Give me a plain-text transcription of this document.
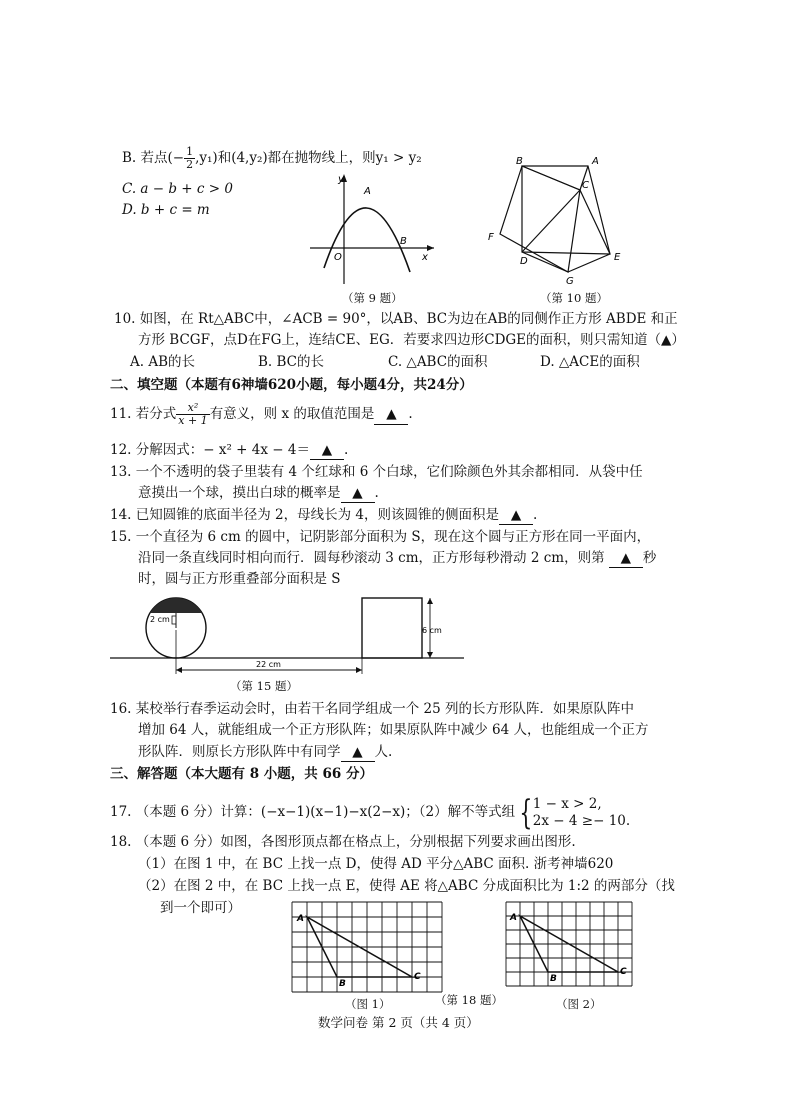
B. 若点(− $\frac{1}{2} ,y_1$)和(4,y₂)都在抛物线上，则y₁ > y₂
C. a − b + c > 0
D. b + c = m
y
x
A
B
O
（第 9 题）
B	A
C
F
D	E
G
（第 10 题）
10. 如图，在 Rt△ABC中，∠ACB = 90°，以AB、BC为边在AB的同侧作正方形 ABDE 和正
方形 BCGF，点D在FG上，连结CE、EG．若要求四边形CDGE的面积，则只需知道（▲）
A. AB的长	B. BC的长	C. △ABC的面积	D. △ACE的面积
二、填空题（本题有6神墙620小题，每小题4分，共24分）
11. 若分式 $\frac{\text{x²}}{x + 1}$ 有意义，则 x 的取值范围是 ▲ .
12. 分解因式：− x² + 4x − 4＝ ▲ .
13. 一个不透明的袋子里装有 4 个红球和 6 个白球，它们除颜色外其余都相同．从袋中任
意摸出一个球，摸出白球的概率是 ▲ .
14. 已知圆锥的底面半径为 2，母线长为 4，则该圆锥的侧面积是 ▲ .
15. 一个直径为 6 cm 的圆中，记阴影部分面积为 S，现在这个圆与正方形在同一平面内，
沿同一条直线同时相向而行．圆每秒滚动 3 cm，正方形每秒滑动 2 cm，则第 ▲ 秒
时，圆与正方形重叠部分面积是 S
2 cm
6 cm
22 cm
（第 15 题）
16. 某校举行春季运动会时，由若干名同学组成一个 25 列的长方形队阵．如果原队阵中
增加 64 人，就能组成一个正方形队阵；如果原队阵中减少 64 人，也能组成一个正方
形队阵．则原长方形队阵中有同学 ▲ 人.
三、解答题（本大题有 8 小题，共 66 分）
17. （本题 6 分）计算：(−x−1)(x−1)−x(2−x)；（2）解不等式组 { 1 − x > 2,
2x − 4 ≥− 10.
18. （本题 6 分）如图，各图形顶点都在格点上，分别根据下列要求画出图形.
（1）在图 1 中，在 BC 上找一点 D，使得 AD 平分△ABC 面积. 浙考神墙620
（2）在图 2 中，在 BC 上找一点 E，使得 AE 将△ABC 分成面积比为 1:2 的两部分（找
到一个即可）
A
B
C
A
B
C
（图 1）	（第 18 题）	（图 2）
数学问卷 第 2 页（共 4 页）
